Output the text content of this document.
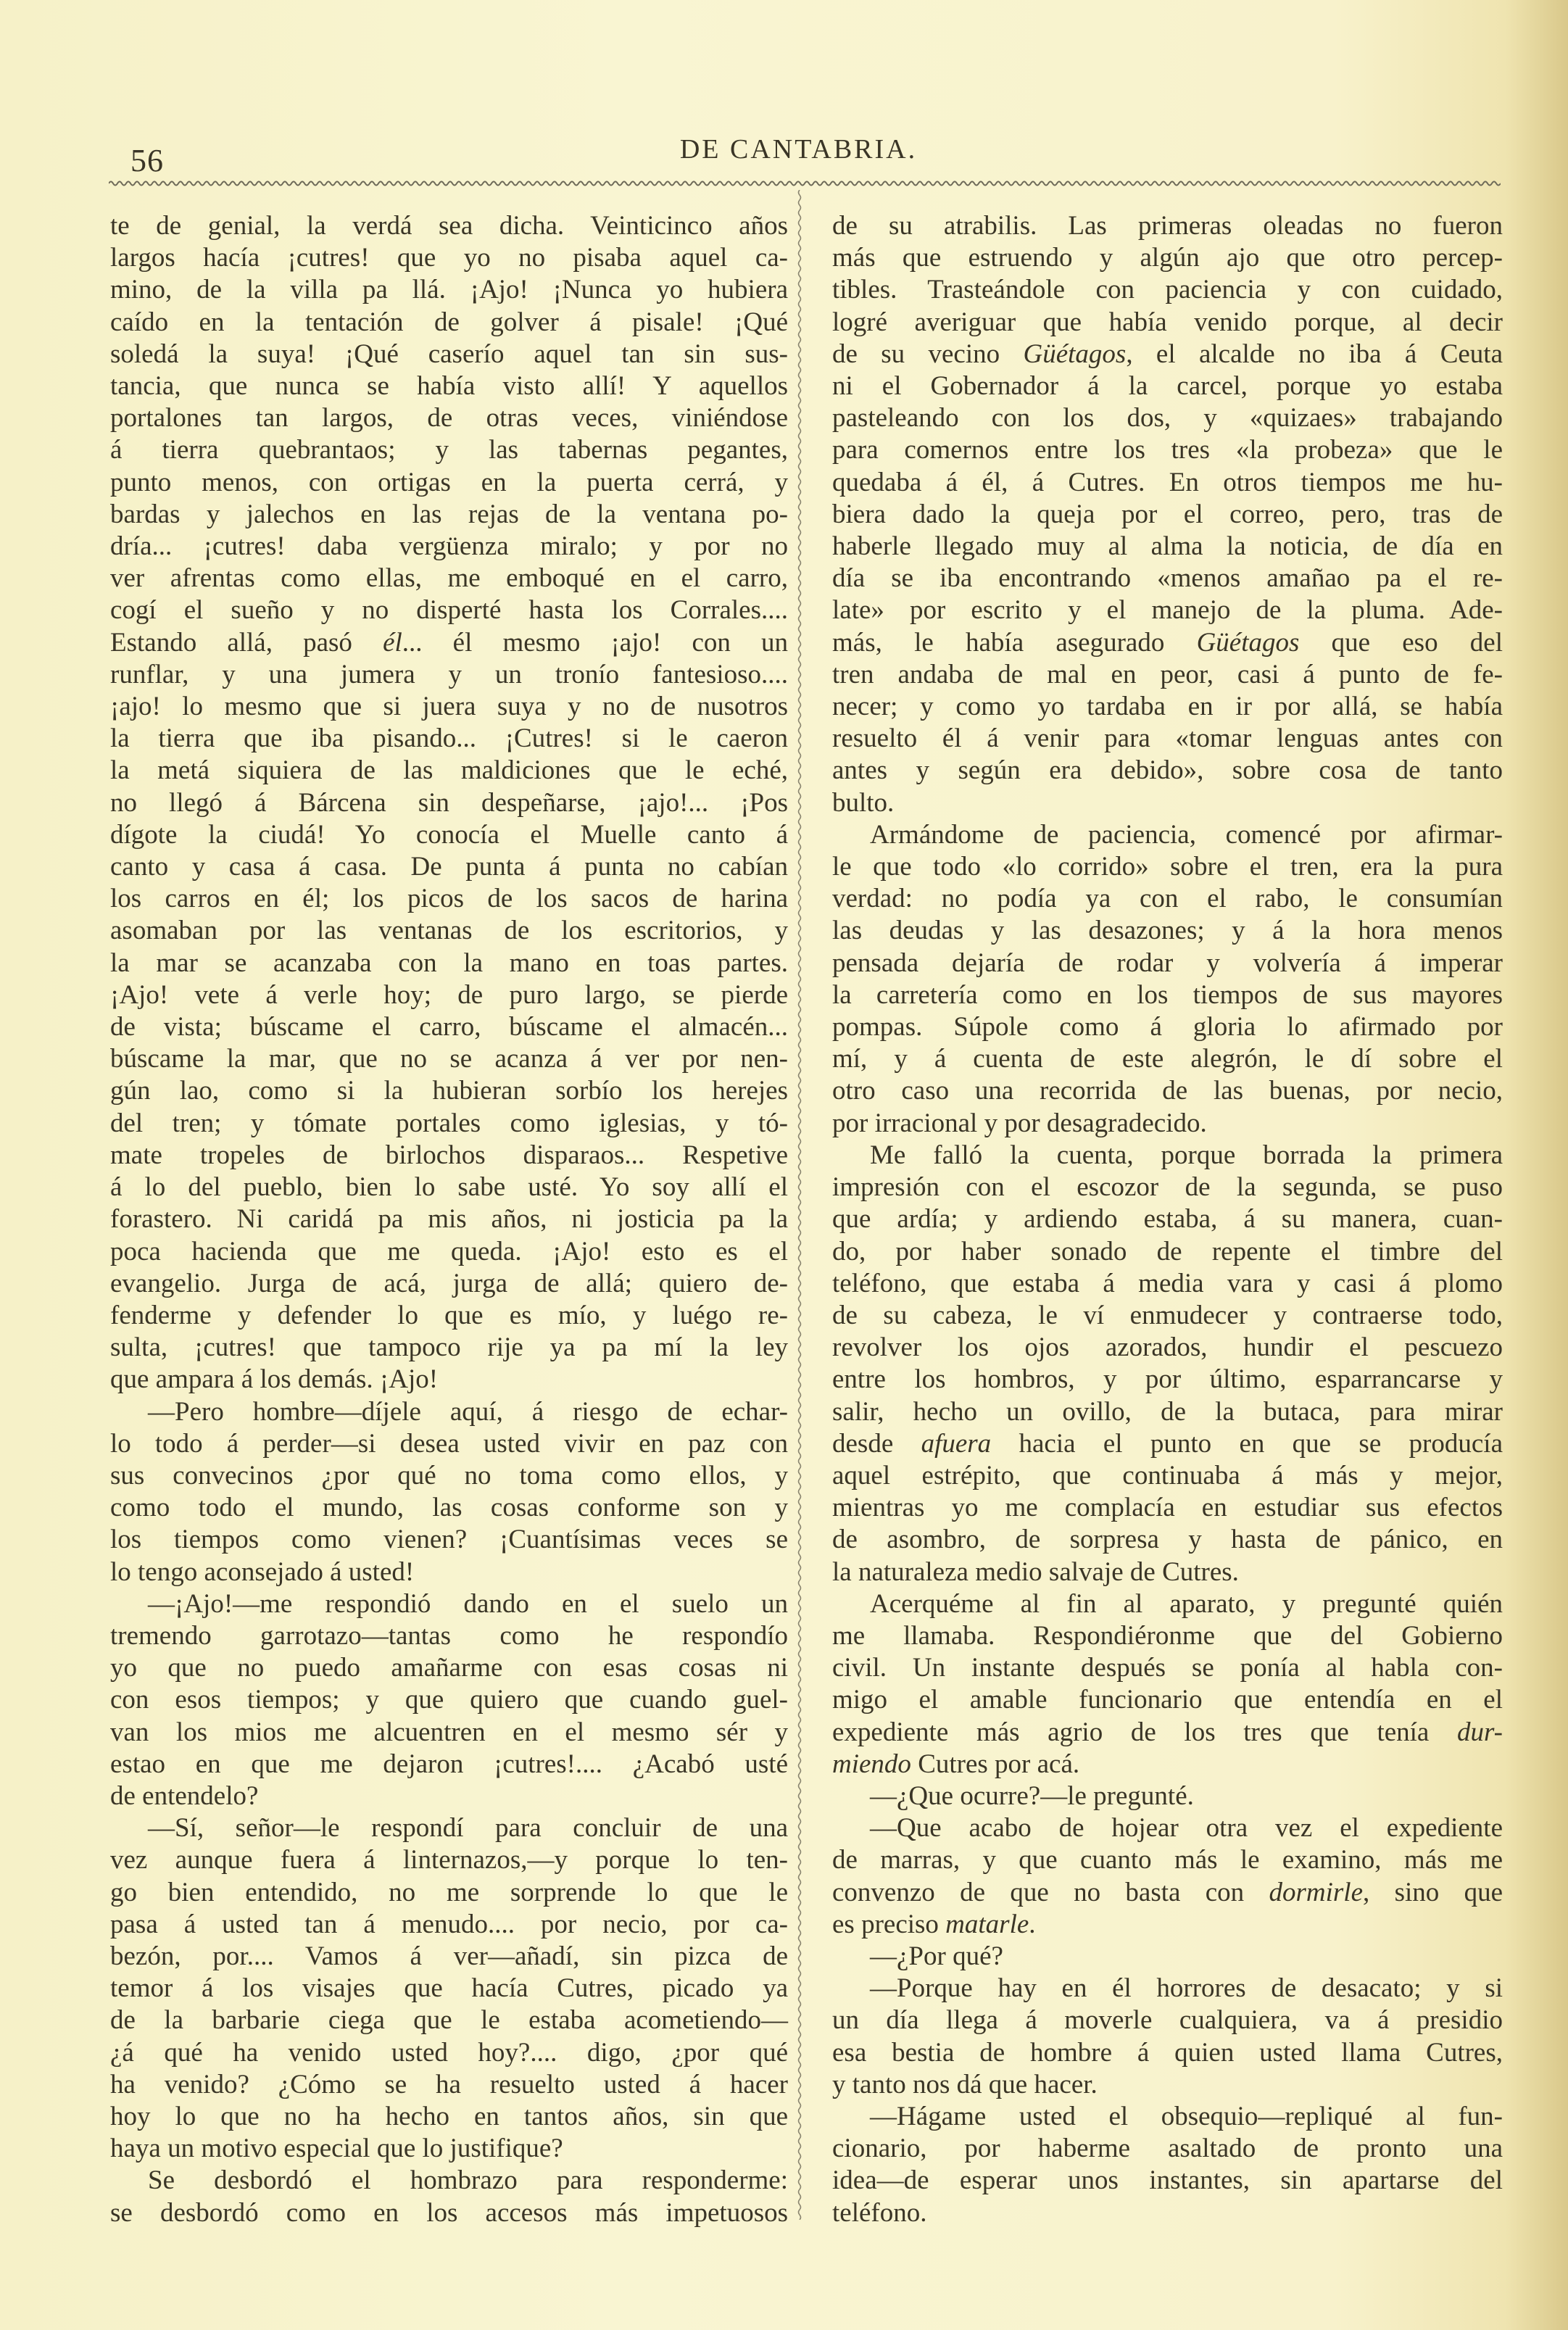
56	DE CANTABRIA.
te de genial, la verdá sea dicha. Veinticinco años
largos hacía ¡cutres! que yo no pisaba aquel ca-
mino, de la villa pa llá. ¡Ajo! ¡Nunca yo hubiera
caído en la tentación de golver á pisale! ¡Qué
soledá la suya! ¡Qué caserío aquel tan sin sus-
tancia, que nunca se había visto allí! Y aquellos
portalones tan largos, de otras veces, viniéndose
á tierra quebrantaos; y las tabernas pegantes,
punto menos, con ortigas en la puerta cerrá, y
bardas y jalechos en las rejas de la ventana po-
dría... ¡cutres! daba vergüenza miralo; y por no
ver afrentas como ellas, me emboqué en el carro,
cogí el sueño y no disperté hasta los Corrales....
Estando allá, pasó él... él mesmo ¡ajo! con un
runflar, y una jumera y un tronío fantesioso....
¡ajo! lo mesmo que si juera suya y no de nusotros
la tierra que iba pisando... ¡Cutres! si le caeron
la metá siquiera de las maldiciones que le eché,
no llegó á Bárcena sin despeñarse, ¡ajo!... ¡Pos
dígote la ciudá! Yo conocía el Muelle canto á
canto y casa á casa. De punta á punta no cabían
los carros en él; los picos de los sacos de harina
asomaban por las ventanas de los escritorios, y
la mar se acanzaba con la mano en toas partes.
¡Ajo! vete á verle hoy; de puro largo, se pierde
de vista; búscame el carro, búscame el almacén...
búscame la mar, que no se acanza á ver por nen-
gún lao, como si la hubieran sorbío los herejes
del tren; y tómate portales como iglesias, y tó-
mate tropeles de birlochos disparaos... Respetive
á lo del pueblo, bien lo sabe usté. Yo soy allí el
forastero. Ni caridá pa mis años, ni josticia pa la
poca hacienda que me queda. ¡Ajo! esto es el
evangelio. Jurga de acá, jurga de allá; quiero de-
fenderme y defender lo que es mío, y luégo re-
sulta, ¡cutres! que tampoco rije ya pa mí la ley
que ampara á los demás. ¡Ajo!
—Pero hombre—díjele aquí, á riesgo de echar-
lo todo á perder—si desea usted vivir en paz con
sus convecinos ¿por qué no toma como ellos, y
como todo el mundo, las cosas conforme son y
los tiempos como vienen? ¡Cuantísimas veces se
lo tengo aconsejado á usted!
—¡Ajo!—me respondió dando en el suelo un
tremendo garrotazo—tantas como he respondío
yo que no puedo amañarme con esas cosas ni
con esos tiempos; y que quiero que cuando guel-
van los mios me alcuentren en el mesmo sér y
estao en que me dejaron ¡cutres!.... ¿Acabó usté
de entendelo?
—Sí, señor—le respondí para concluir de una
vez aunque fuera á linternazos,—y porque lo ten-
go bien entendido, no me sorprende lo que le
pasa á usted tan á menudo.... por necio, por ca-
bezón, por.... Vamos á ver—añadí, sin pizca de
temor á los visajes que hacía Cutres, picado ya
de la barbarie ciega que le estaba acometiendo—
¿á qué ha venido usted hoy?.... digo, ¿por qué
ha venido? ¿Cómo se ha resuelto usted á hacer
hoy lo que no ha hecho en tantos años, sin que
haya un motivo especial que lo justifique?
Se desbordó el hombrazo para responderme:
se desbordó como en los accesos más impetuosos
de su atrabilis. Las primeras oleadas no fueron
más que estruendo y algún ajo que otro percep-
tibles. Trasteándole con paciencia y con cuidado,
logré averiguar que había venido porque, al decir
de su vecino Güétagos, el alcalde no iba á Ceuta
ni el Gobernador á la carcel, porque yo estaba
pasteleando con los dos, y «quizaes» trabajando
para comernos entre los tres «la probeza» que le
quedaba á él, á Cutres. En otros tiempos me hu-
biera dado la queja por el correo, pero, tras de
haberle llegado muy al alma la noticia, de día en
día se iba encontrando «menos amañao pa el re-
late» por escrito y el manejo de la pluma. Ade-
más, le había asegurado Güétagos que eso del
tren andaba de mal en peor, casi á punto de fe-
necer; y como yo tardaba en ir por allá, se había
resuelto él á venir para «tomar lenguas antes con
antes y según era debido», sobre cosa de tanto
bulto.
Armándome de paciencia, comencé por afirmar-
le que todo «lo corrido» sobre el tren, era la pura
verdad: no podía ya con el rabo, le consumían
las deudas y las desazones; y á la hora menos
pensada dejaría de rodar y volvería á imperar
la carretería como en los tiempos de sus mayores
pompas. Súpole como á gloria lo afirmado por
mí, y á cuenta de este alegrón, le dí sobre el
otro caso una recorrida de las buenas, por necio,
por irracional y por desagradecido.
Me falló la cuenta, porque borrada la primera
impresión con el escozor de la segunda, se puso
que ardía; y ardiendo estaba, á su manera, cuan-
do, por haber sonado de repente el timbre del
teléfono, que estaba á media vara y casi á plomo
de su cabeza, le ví enmudecer y contraerse todo,
revolver los ojos azorados, hundir el pescuezo
entre los hombros, y por último, esparrancarse y
salir, hecho un ovillo, de la butaca, para mirar
desde afuera hacia el punto en que se producía
aquel estrépito, que continuaba á más y mejor,
mientras yo me complacía en estudiar sus efectos
de asombro, de sorpresa y hasta de pánico, en
la naturaleza medio salvaje de Cutres.
Acerquéme al fin al aparato, y pregunté quién
me llamaba. Respondiéronme que del Gobierno
civil. Un instante después se ponía al habla con-
migo el amable funcionario que entendía en el
expediente más agrio de los tres que tenía dur-
miendo Cutres por acá.
—¿Que ocurre?—le pregunté.
—Que acabo de hojear otra vez el expediente
de marras, y que cuanto más le examino, más me
convenzo de que no basta con dormirle, sino que
es preciso matarle.
—¿Por qué?
—Porque hay en él horrores de desacato; y si
un día llega á moverle cualquiera, va á presidio
esa bestia de hombre á quien usted llama Cutres,
y tanto nos dá que hacer.
—Hágame usted el obsequio—repliqué al fun-
cionario, por haberme asaltado de pronto una
idea—de esperar unos instantes, sin apartarse del
teléfono.
